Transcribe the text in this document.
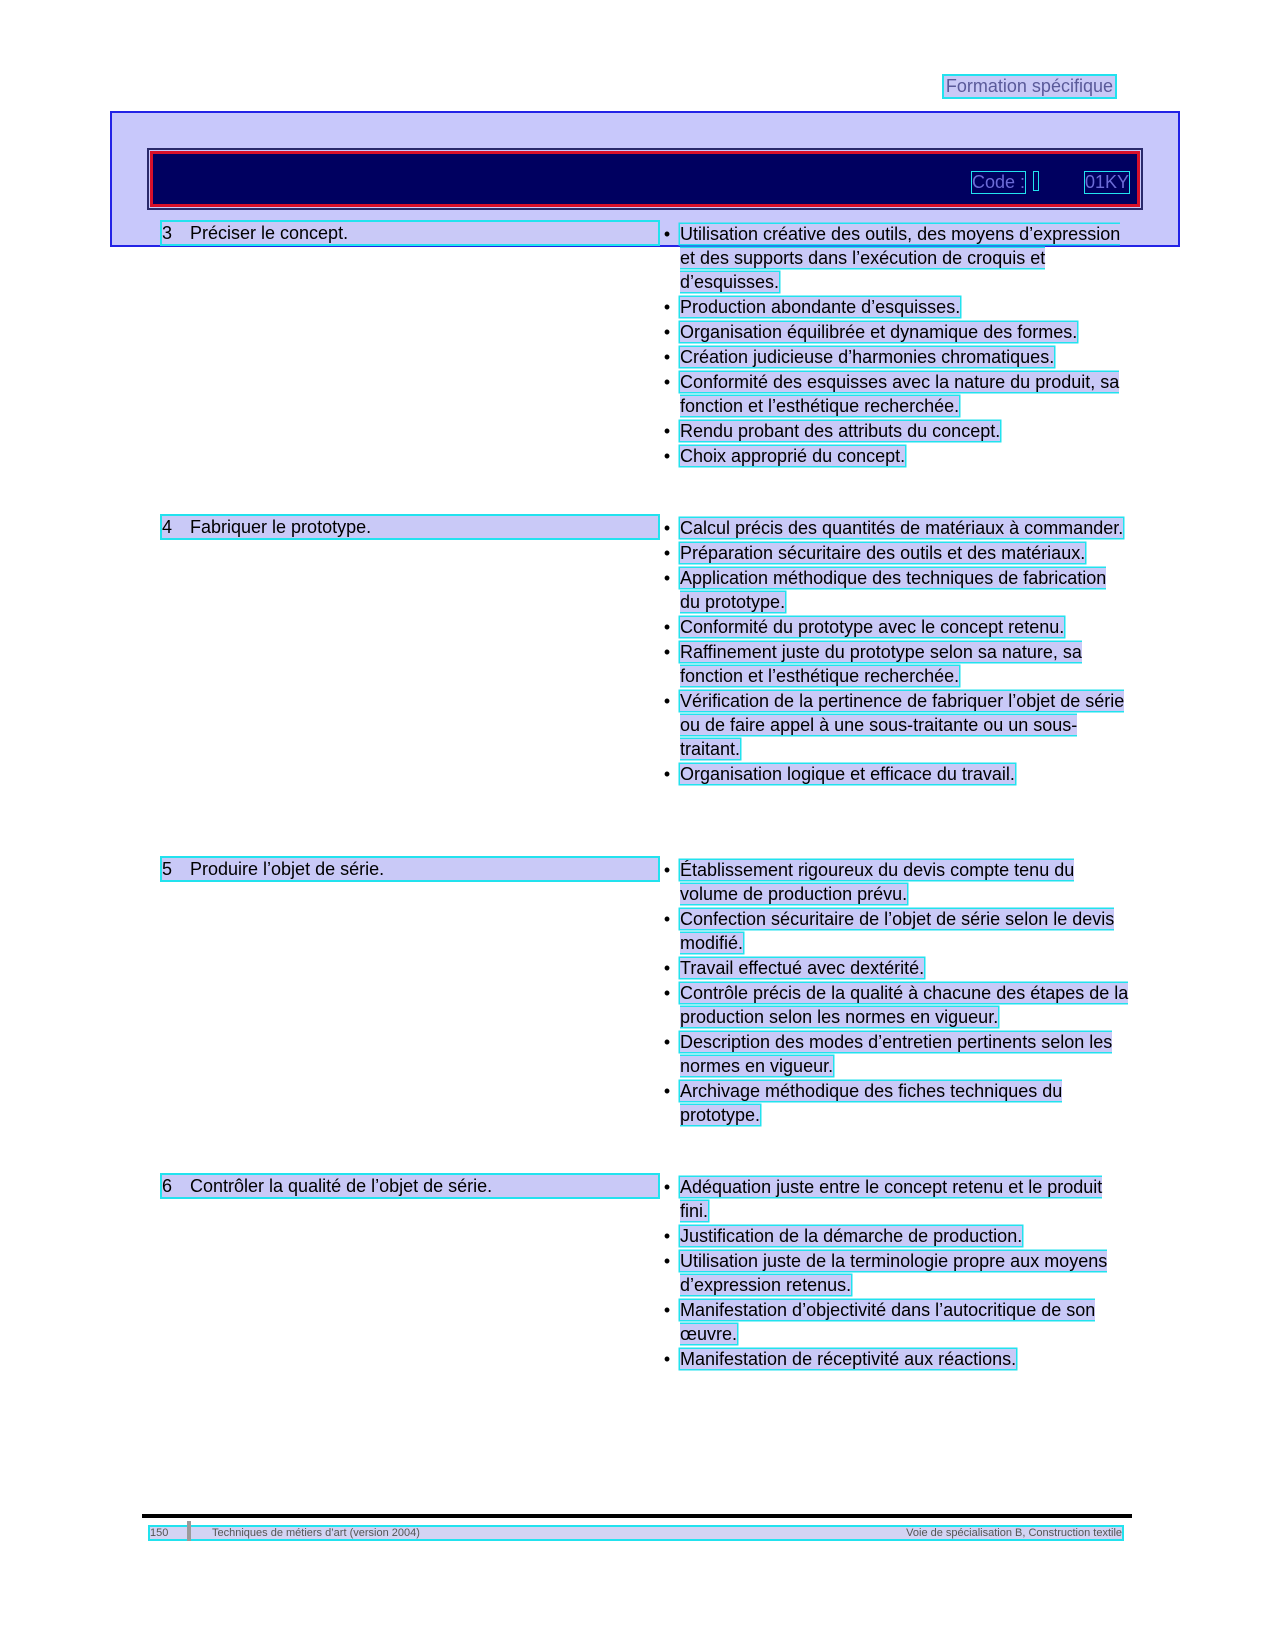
Formation spécifique
Code :	01KY
3 Préciser le concept.	• Utilisation créative des outils, des moyens d’expression et des supports dans l’exécution de croquis et d’esquisses.
• Production abondante d’esquisses.
• Organisation équilibrée et dynamique des formes.
• Création judicieuse d’harmonies chromatiques.
• Conformité des esquisses avec la nature du produit, sa fonction et l’esthétique recherchée.
• Rendu probant des attributs du concept.
• Choix approprié du concept.
4 Fabriquer le prototype.	• Calcul précis des quantités de matériaux à commander.
• Préparation sécuritaire des outils et des matériaux.
• Application méthodique des techniques de fabrication du prototype.
• Conformité du prototype avec le concept retenu.
• Raffinement juste du prototype selon sa nature, sa fonction et l’esthétique recherchée.
• Vérification de la pertinence de fabriquer l’objet de série ou de faire appel à une sous-traitante ou un sous-traitant.
• Organisation logique et efficace du travail.
5 Produire l’objet de série.	• Établissement rigoureux du devis compte tenu du volume de production prévu.
• Confection sécuritaire de l’objet de série selon le devis modifié.
• Travail effectué avec dextérité.
• Contrôle précis de la qualité à chacune des étapes de la production selon les normes en vigueur.
• Description des modes d’entretien pertinents selon les normes en vigueur.
• Archivage méthodique des fiches techniques du prototype.
6 Contrôler la qualité de l’objet de série.	• Adéquation juste entre le concept retenu et le produit fini.
• Justification de la démarche de production.
• Utilisation juste de la terminologie propre aux moyens d’expression retenus.
• Manifestation d’objectivité dans l’autocritique de son œuvre.
• Manifestation de réceptivité aux réactions.
150	Techniques de métiers d’art (version 2004)	Voie de spécialisation B, Construction textile
